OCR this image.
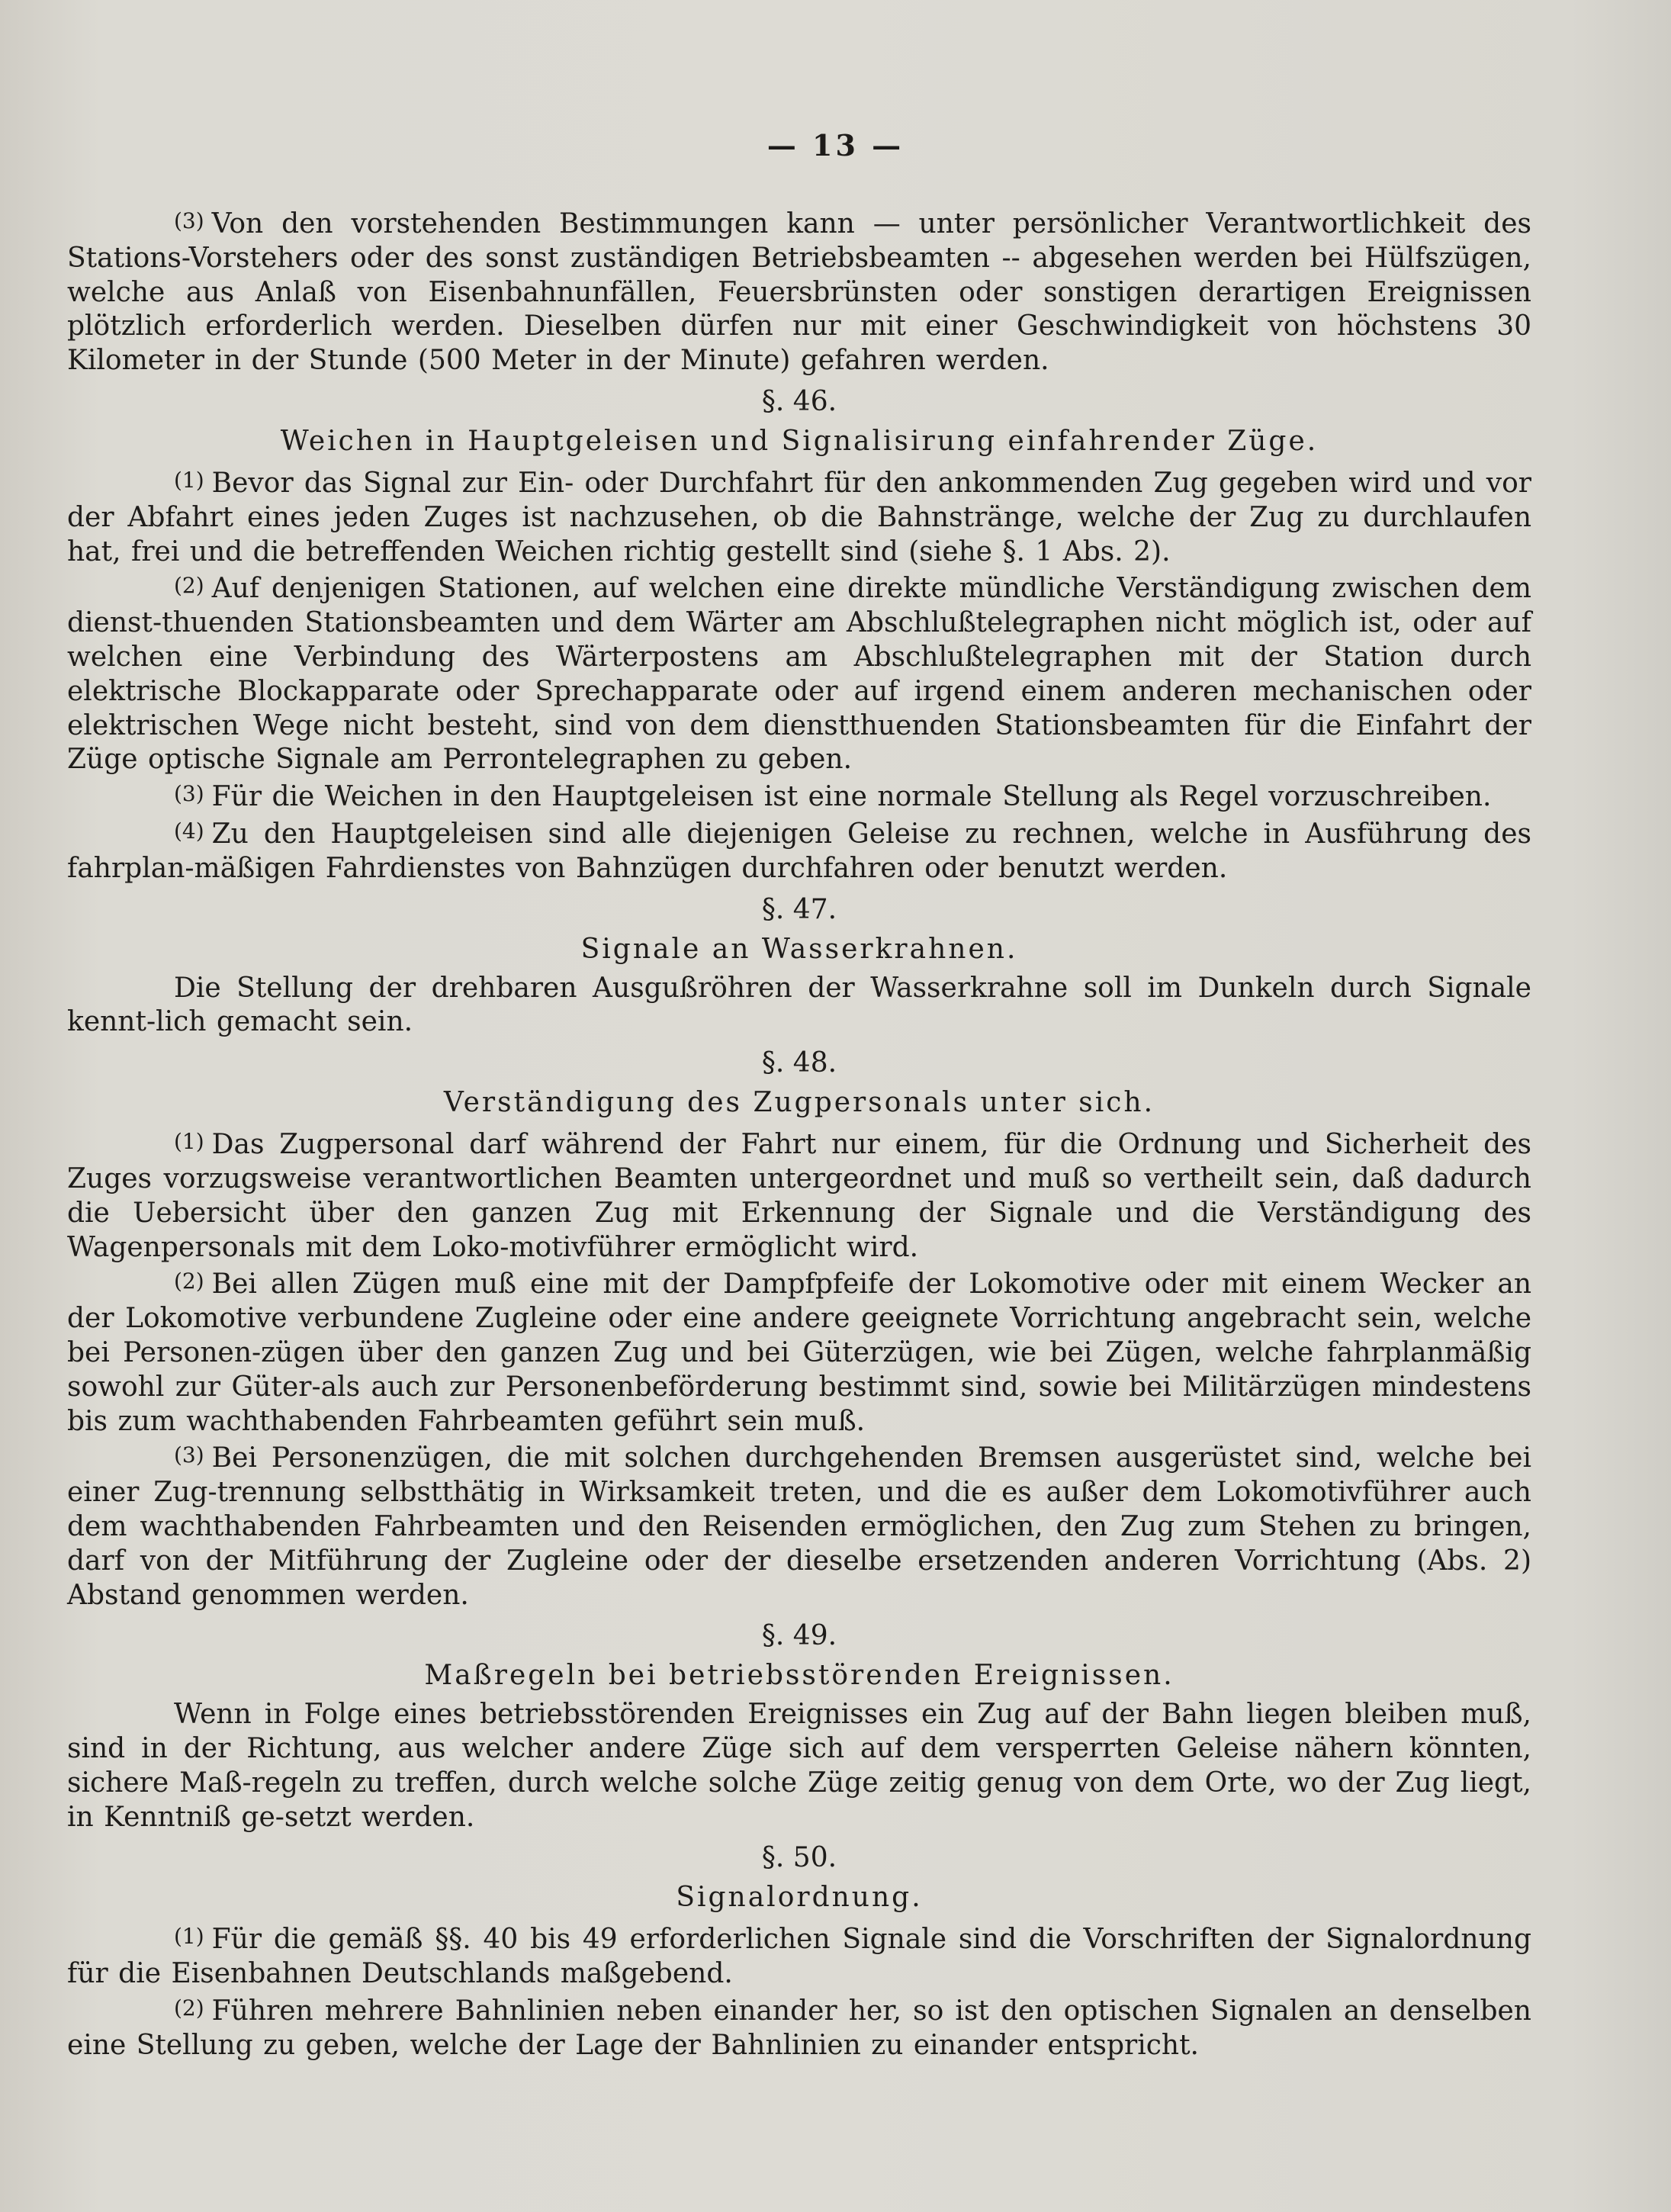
— 13 —

(3) Von den vorstehenden Bestimmungen kann — unter persönlicher Verantwortlichkeit des Stations-Vorstehers oder des sonst zuständigen Betriebsbeamten -- abgesehen werden bei Hülfszügen, welche aus Anlaß von Eisenbahnunfällen, Feuersbrünsten oder sonstigen derartigen Ereignissen plötzlich erforderlich werden. Dieselben dürfen nur mit einer Geschwindigkeit von höchstens 30 Kilometer in der Stunde (500 Meter in der Minute) gefahren werden.

§. 46.
Weichen in Hauptgeleisen und Signalisirung einfahrender Züge.

(1) Bevor das Signal zur Ein- oder Durchfahrt für den ankommenden Zug gegeben wird und vor der Abfahrt eines jeden Zuges ist nachzusehen, ob die Bahnstränge, welche der Zug zu durchlaufen hat, frei und die betreffenden Weichen richtig gestellt sind (siehe §. 1 Abs. 2).

(2) Auf denjenigen Stationen, auf welchen eine direkte mündliche Verständigung zwischen dem dienst-thuenden Stationsbeamten und dem Wärter am Abschlußtelegraphen nicht möglich ist, oder auf welchen eine Verbindung des Wärterpostens am Abschlußtelegraphen mit der Station durch elektrische Blockapparate oder Sprechapparate oder auf irgend einem anderen mechanischen oder elektrischen Wege nicht besteht, sind von dem dienstthuenden Stationsbeamten für die Einfahrt der Züge optische Signale am Perrontelegraphen zu geben.

(3) Für die Weichen in den Hauptgeleisen ist eine normale Stellung als Regel vorzuschreiben.

(4) Zu den Hauptgeleisen sind alle diejenigen Geleise zu rechnen, welche in Ausführung des fahrplan-mäßigen Fahrdienstes von Bahnzügen durchfahren oder benutzt werden.

§. 47.
Signale an Wasserkrahnen.

Die Stellung der drehbaren Ausgußröhren der Wasserkrahne soll im Dunkeln durch Signale kennt-lich gemacht sein.

§. 48.
Verständigung des Zugpersonals unter sich.

(1) Das Zugpersonal darf während der Fahrt nur einem, für die Ordnung und Sicherheit des Zuges vorzugsweise verantwortlichen Beamten untergeordnet und muß so vertheilt sein, daß dadurch die Uebersicht über den ganzen Zug mit Erkennung der Signale und die Verständigung des Wagenpersonals mit dem Loko-motivführer ermöglicht wird.

(2) Bei allen Zügen muß eine mit der Dampfpfeife der Lokomotive oder mit einem Wecker an der Lokomotive verbundene Zugleine oder eine andere geeignete Vorrichtung angebracht sein, welche bei Personen-zügen über den ganzen Zug und bei Güterzügen, wie bei Zügen, welche fahrplanmäßig sowohl zur Güter-als auch zur Personenbeförderung bestimmt sind, sowie bei Militärzügen mindestens bis zum wachthabenden Fahrbeamten geführt sein muß.

(3) Bei Personenzügen, die mit solchen durchgehenden Bremsen ausgerüstet sind, welche bei einer Zug-trennung selbstthätig in Wirksamkeit treten, und die es außer dem Lokomotivführer auch dem wachthabenden Fahrbeamten und den Reisenden ermöglichen, den Zug zum Stehen zu bringen, darf von der Mitführung der Zugleine oder der dieselbe ersetzenden anderen Vorrichtung (Abs. 2) Abstand genommen werden.

§. 49.
Maßregeln bei betriebsstörenden Ereignissen.

Wenn in Folge eines betriebsstörenden Ereignisses ein Zug auf der Bahn liegen bleiben muß, sind in der Richtung, aus welcher andere Züge sich auf dem versperrten Geleise nähern könnten, sichere Maß-regeln zu treffen, durch welche solche Züge zeitig genug von dem Orte, wo der Zug liegt, in Kenntniß ge-setzt werden.

§. 50.
Signalordnung.

(1) Für die gemäß §§. 40 bis 49 erforderlichen Signale sind die Vorschriften der Signalordnung für die Eisenbahnen Deutschlands maßgebend.

(2) Führen mehrere Bahnlinien neben einander her, so ist den optischen Signalen an denselben eine Stellung zu geben, welche der Lage der Bahnlinien zu einander entspricht.
